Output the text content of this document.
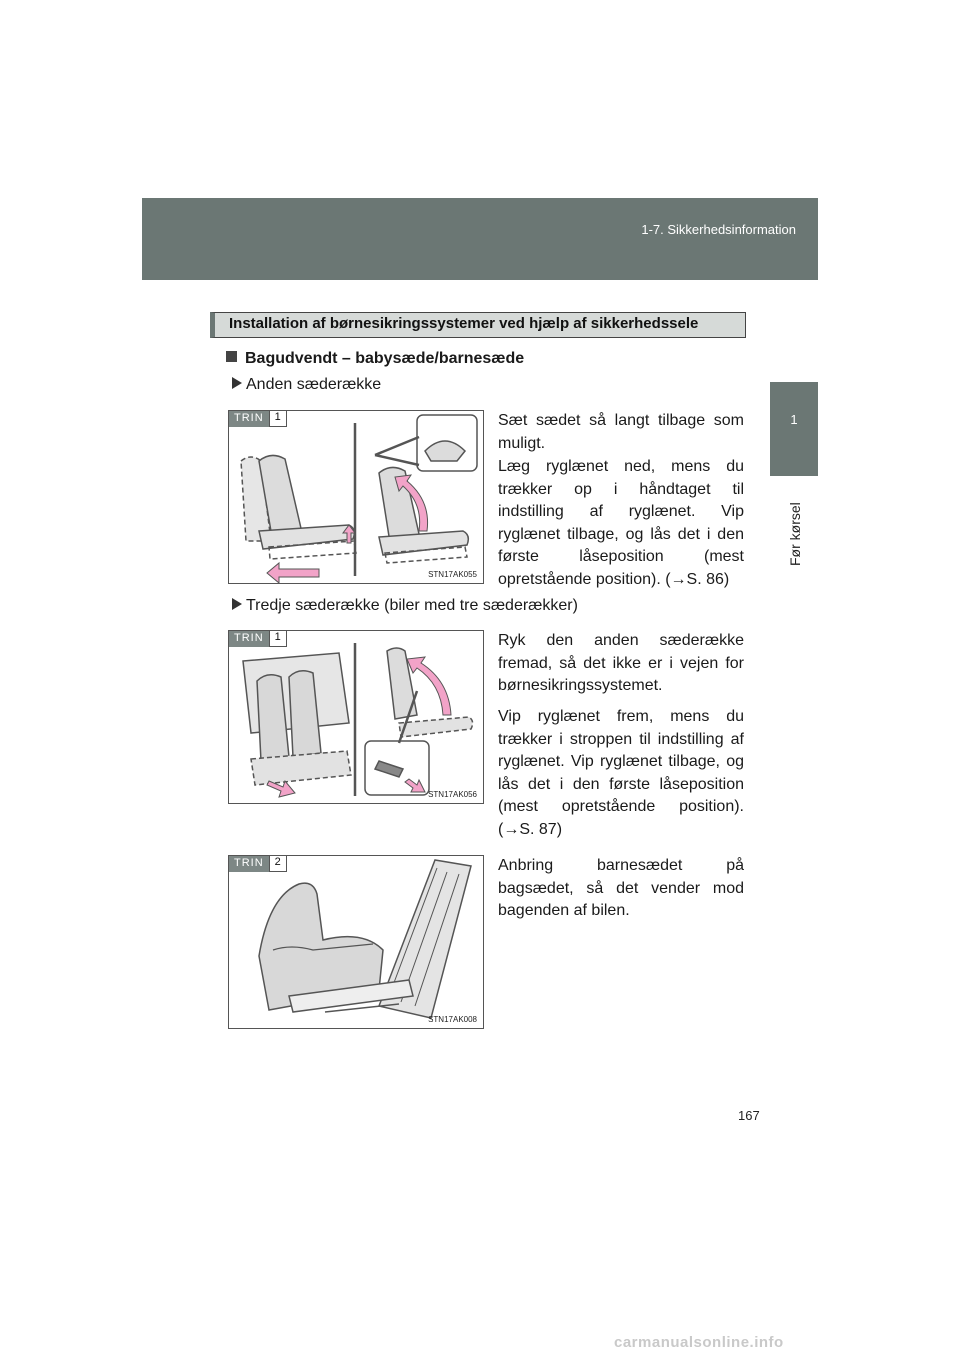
1-7. Sikkerhedsinformation
1
Før kørsel
Installation af børnesikringssystemer ved hjælp af sikkerhedssele
Bagudvendt – babysæde/barnesæde
Anden sæderække
TRIN	1
STN17AK055
Sæt sædet så langt tilbage som muligt.
Læg ryglænet ned, mens du trækker op i håndtaget til indstilling af ryglænet. Vip ryglænet tilbage, og lås det i den første låseposition (mest opretstående position). (→S. 86)
Tredje sæderække (biler med tre sæderækker)
TRIN	1
STN17AK056
Ryk den anden sæderække fremad, så det ikke er i vejen for børnesikringssystemet.
Vip ryglænet frem, mens du trækker i stroppen til indstilling af ryglænet. Vip ryglænet tilbage, og lås det i den første låseposition (mest opretstående position). (→S. 87)
TRIN	2
STN17AK008
Anbring barnesædet på bagsædet, så det vender mod bagenden af bilen.
167
carmanualsonline.info
